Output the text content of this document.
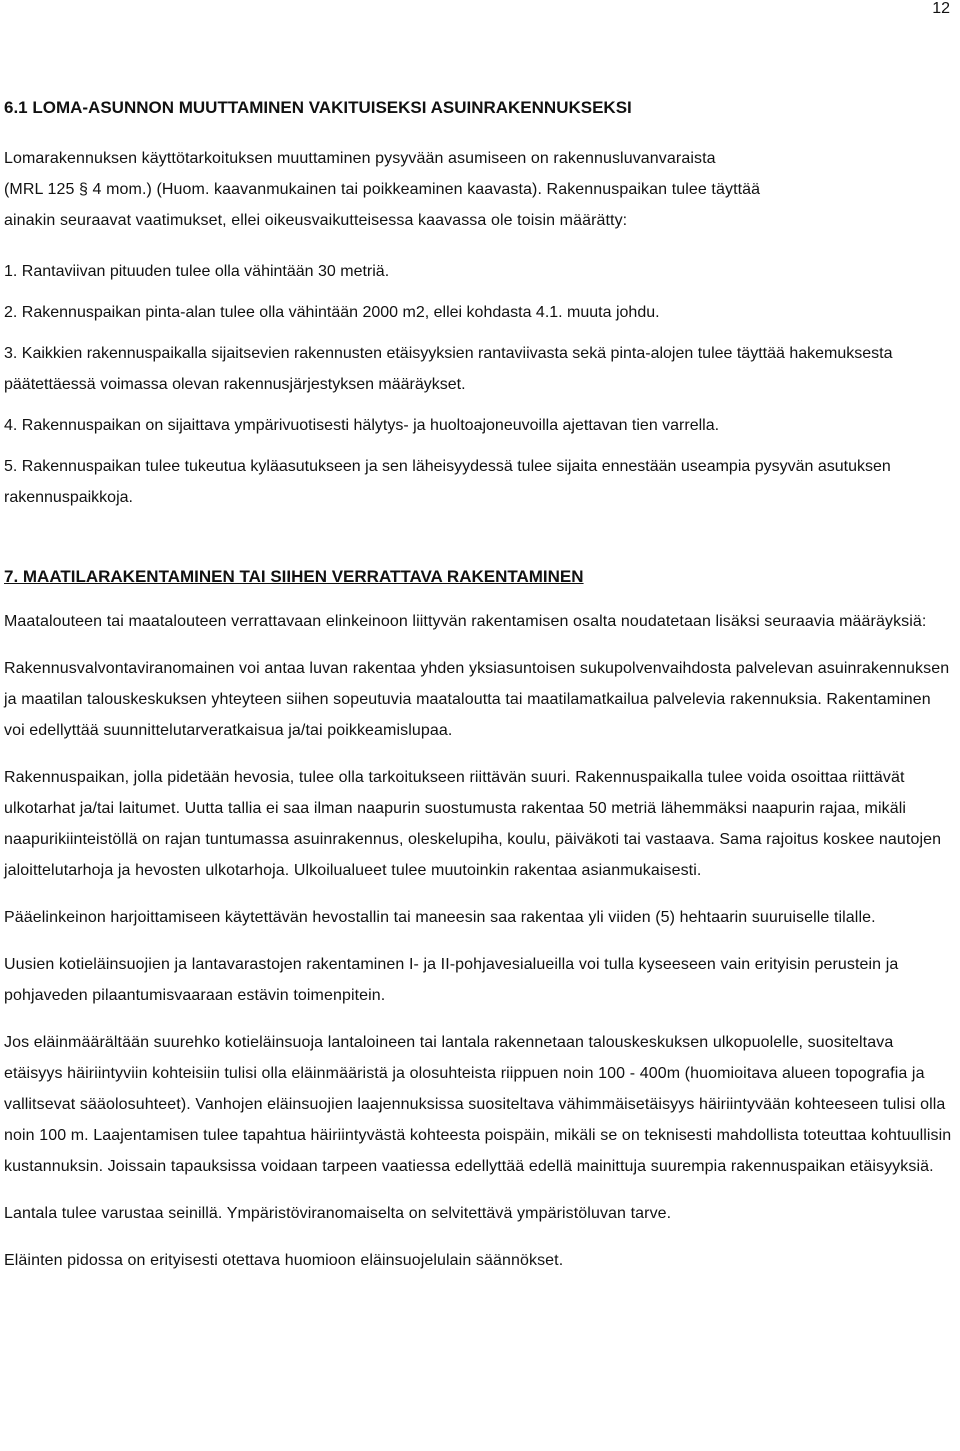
12
6.1 LOMA-ASUNNON MUUTTAMINEN VAKITUISEKSI ASUINRAKENNUKSEKSI
Lomarakennuksen käyttötarkoituksen muuttaminen pysyvään asumiseen on rakennusluvanvaraista
(MRL 125 § 4 mom.) (Huom. kaavanmukainen tai poikkeaminen kaavasta). Rakennuspaikan tulee täyttää
ainakin seuraavat vaatimukset, ellei oikeusvaikutteisessa kaavassa ole toisin määrätty:
1. Rantaviivan pituuden tulee olla vähintään 30 metriä.
2. Rakennuspaikan pinta-alan tulee olla vähintään 2000 m2, ellei kohdasta 4.1. muuta johdu.
3. Kaikkien rakennuspaikalla sijaitsevien rakennusten etäisyyksien rantaviivasta sekä pinta-alojen tulee täyttää hakemuksesta päätettäessä voimassa olevan rakennusjärjestyksen määräykset.
4. Rakennuspaikan on sijaittava ympärivuotisesti hälytys- ja huoltoajoneuvoilla ajettavan tien varrella.
5. Rakennuspaikan tulee tukeutua kyläasutukseen ja sen läheisyydessä tulee sijaita ennestään useampia pysyvän asutuksen rakennuspaikkoja.
7. MAATILARAKENTAMINEN TAI SIIHEN VERRATTAVA RAKENTAMINEN
Maatalouteen tai maatalouteen verrattavaan elinkeinoon liittyvän rakentamisen osalta noudatetaan lisäksi seuraavia määräyksiä:
Rakennusvalvontaviranomainen voi antaa luvan rakentaa yhden yksiasuntoisen sukupolvenvaihdosta palvelevan asuinrakennuksen ja maatilan talouskeskuksen yhteyteen siihen sopeutuvia maataloutta tai maatilamatkailua palvelevia rakennuksia. Rakentaminen voi edellyttää suunnittelutarveratkaisua ja/tai poikkeamislupaa.
Rakennuspaikan, jolla pidetään hevosia, tulee olla tarkoitukseen riittävän suuri. Rakennuspaikalla tulee voida osoittaa riittävät ulkotarhat ja/tai laitumet. Uutta tallia ei saa ilman naapurin suostumusta rakentaa 50 metriä lähemmäksi naapurin rajaa, mikäli naapurikiinteistöllä on rajan tuntumassa asuinrakennus, oleskelupiha, koulu, päiväkoti tai vastaava. Sama rajoitus koskee nautojen jaloittelutarhoja ja hevosten ulkotarhoja. Ulkoilualueet tulee muutoinkin rakentaa asianmukaisesti.
Pääelinkeinon harjoittamiseen käytettävän hevostallin tai maneesin saa rakentaa yli viiden (5) hehtaarin suuruiselle tilalle.
Uusien kotieläinsuojien ja lantavarastojen rakentaminen I- ja II-pohjavesialueilla voi tulla kyseeseen vain erityisin perustein ja pohjaveden pilaantumisvaaraan estävin toimenpitein.
Jos eläinmäärältään suurehko kotieläinsuoja lantaloineen tai lantala rakennetaan talouskeskuksen ulkopuolelle, suositeltava etäisyys häiriintyviin kohteisiin tulisi olla eläinmääristä ja olosuhteista riippuen noin 100 - 400m (huomioitava alueen topografia ja vallitsevat sääolosuhteet). Vanhojen eläinsuojien laajennuksissa suositeltava vähimmäisetäisyys häiriintyvään kohteeseen tulisi olla noin 100 m. Laajentamisen tulee tapahtua häiriintyvästä kohteesta poispäin, mikäli se on teknisesti mahdollista toteuttaa kohtuullisin kustannuksin. Joissain tapauksissa voidaan tarpeen vaatiessa edellyttää edellä mainittuja suurempia rakennuspaikan etäisyyksiä.
Lantala tulee varustaa seinillä. Ympäristöviranomaiselta on selvitettävä ympäristöluvan tarve.
Eläinten pidossa on erityisesti otettava huomioon eläinsuojelulain säännökset.
